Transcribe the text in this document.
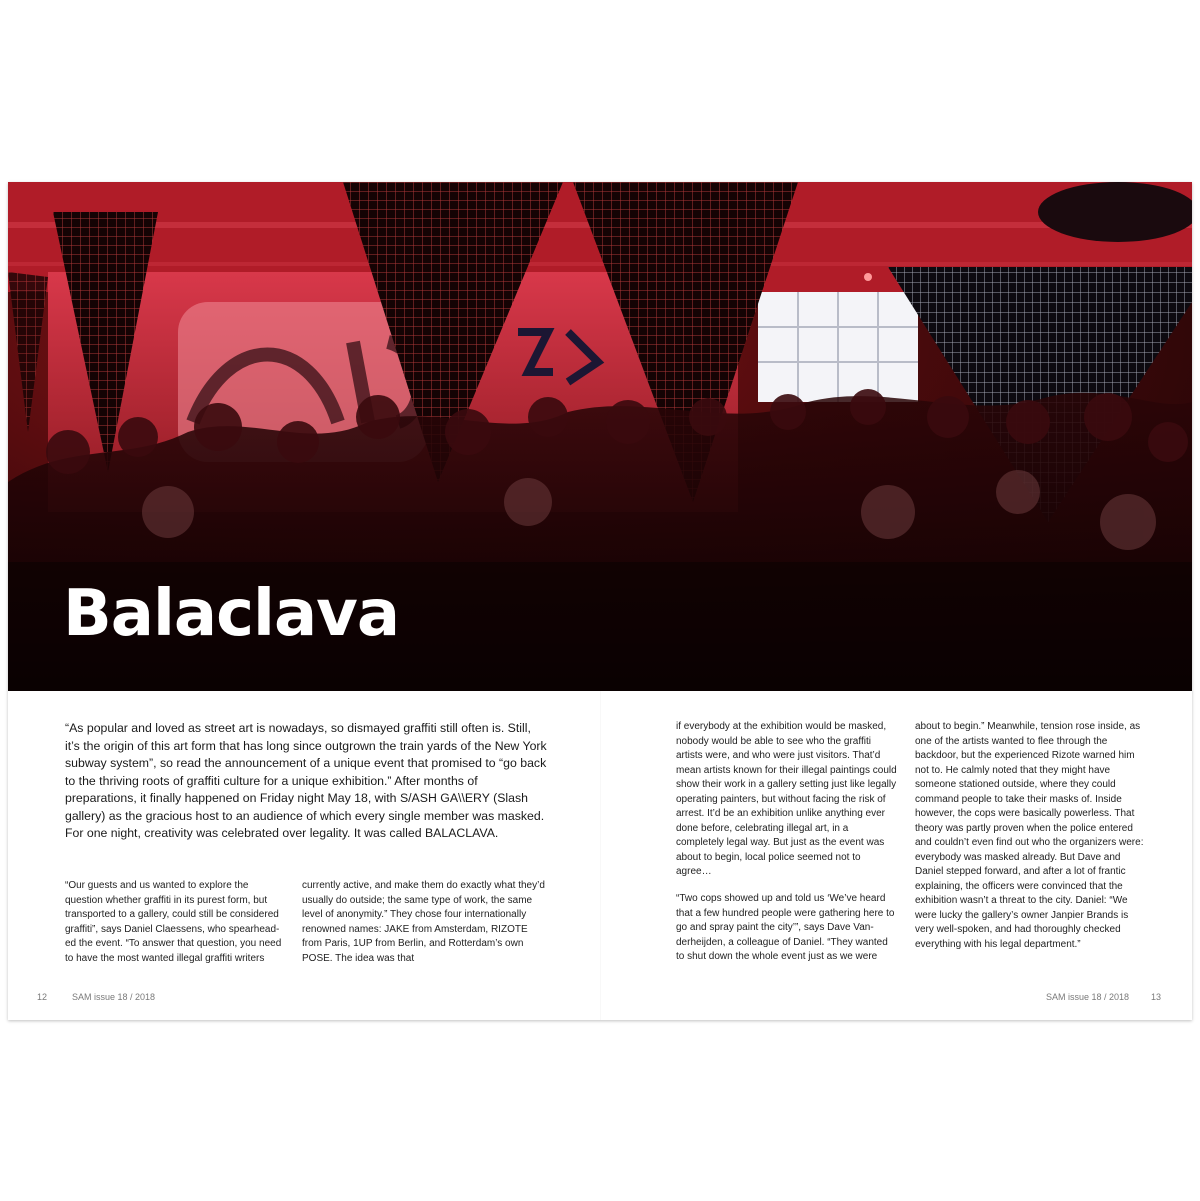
Balaclava

“As popular and loved as street art is nowadays, so dismayed graffiti still often is. Still, it’s the origin of this art form that has long since outgrown the train yards of the New York subway system”, so read the announcement of a unique event that promised to “go back to the thriving roots of graffiti culture for a unique exhibition.” After months of preparations, it finally happened on Friday night May 18, with S/ASH GA\\ERY (Slash gallery) as the gracious host to an audience of which every single member was masked. For one night, creativity was celebrated over legality. It was called BALACLAVA.

“Our guests and us wanted to explore the question whether graffiti in its purest form, but transported to a gallery, could still be considered graffiti”, says Daniel Claessens, who spearheaded the event. “To answer that question, you need to have the most wanted illegal graffiti writers

currently active, and make them do exactly what they’d usually do outside; the same type of work, the same level of anonymity.” They chose four internationally renowned names: JAKE from Amsterdam, RIZOTE from Paris, 1UP from Berlin, and Rotterdam’s own POSE. The idea was that

if everybody at the exhibition would be masked, nobody would be able to see who the graffiti artists were, and who were just visitors. That’d mean artists known for their illegal paintings could show their work in a gallery setting just like legally operating painters, but without facing the risk of arrest. It’d be an exhibition unlike anything ever done before, celebrating illegal art, in a completely legal way. But just as the event was about to begin, local police seemed not to agree…

“Two cops showed up and told us ‘We’ve heard that a few hundred people were gathering here to go and spray paint the city’”, says Dave Vanderheijden, a colleague of Daniel. “They wanted to shut down the whole event just as we were

about to begin.” Meanwhile, tension rose inside, as one of the artists wanted to flee through the backdoor, but the experienced Rizote warned him not to. He calmly noted that they might have someone stationed outside, where they could command people to take their masks of. Inside however, the cops were basically powerless. That theory was partly proven when the police entered and couldn’t even find out who the organizers were: everybody was masked already. But Dave and Daniel stepped forward, and after a lot of frantic explaining, the officers were convinced that the exhibition wasn’t a threat to the city. Daniel: “We were lucky the gallery’s owner Janpier Brands is very well-spoken, and had thoroughly checked everything with his legal department.”

12	SAM issue 18 / 2018	SAM issue 18 / 2018 13
